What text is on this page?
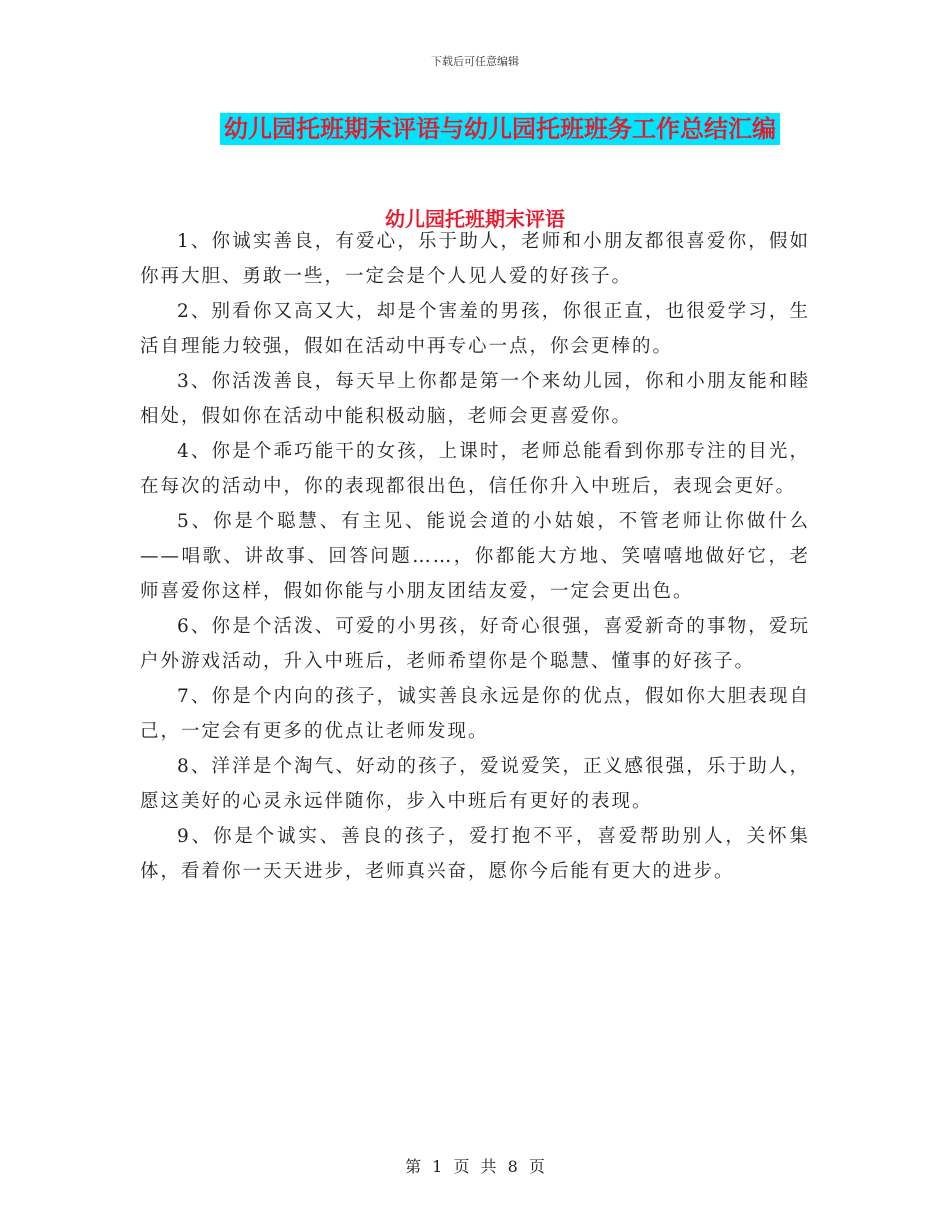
下载后可任意编辑
幼儿园托班期末评语与幼儿园托班班务工作总结汇编
幼儿园托班期末评语

1、你诚实善良，有爱心，乐于助人，老师和小朋友都很喜爱你，假如你再大胆、勇敢一些，一定会是个人见人爱的好孩子。

2、别看你又高又大，却是个害羞的男孩，你很正直，也很爱学习，生活自理能力较强，假如在活动中再专心一点，你会更棒的。

3、你活泼善良，每天早上你都是第一个来幼儿园，你和小朋友能和睦相处，假如你在活动中能积极动脑，老师会更喜爱你。

4、你是个乖巧能干的女孩，上课时，老师总能看到你那专注的目光，在每次的活动中，你的表现都很出色，信任你升入中班后，表现会更好。

5、你是个聪慧、有主见、能说会道的小姑娘，不管老师让你做什么——唱歌、讲故事、回答问题……，你都能大方地、笑嘻嘻地做好它，老师喜爱你这样，假如你能与小朋友团结友爱，一定会更出色。

6、你是个活泼、可爱的小男孩，好奇心很强，喜爱新奇的事物，爱玩户外游戏活动，升入中班后，老师希望你是个聪慧、懂事的好孩子。

7、你是个内向的孩子，诚实善良永远是你的优点，假如你大胆表现自己，一定会有更多的优点让老师发现。

8、洋洋是个淘气、好动的孩子，爱说爱笑，正义感很强，乐于助人，愿这美好的心灵永远伴随你，步入中班后有更好的表现。

9、你是个诚实、善良的孩子，爱打抱不平，喜爱帮助别人，关怀集体，看着你一天天进步，老师真兴奋，愿你今后能有更大的进步。

第 1 页 共 8 页
